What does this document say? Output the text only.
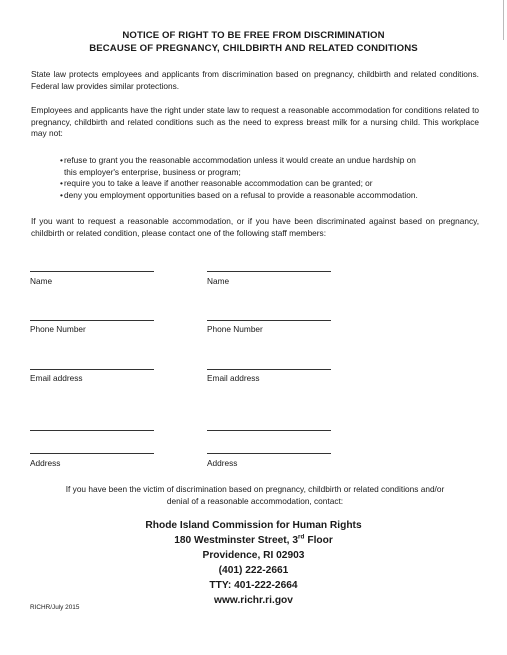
NOTICE OF RIGHT TO BE FREE FROM DISCRIMINATION
BECAUSE OF PREGNANCY, CHILDBIRTH AND RELATED CONDITIONS
State law protects employees and applicants from discrimination based on pregnancy, childbirth and related conditions. Federal law provides similar protections.
Employees and applicants have the right under state law to request a reasonable accommodation for conditions related to pregnancy, childbirth and related conditions such as the need to express breast milk for a nursing child. This workplace may not:
•refuse to grant you the reasonable accommodation unless it would create an undue hardship on
this employer's enterprise, business or program;
•require you to take a leave if another reasonable accommodation can be granted; or
•deny you employment opportunities based on a refusal to provide a reasonable accommodation.
If you want to request a reasonable accommodation, or if you have been discriminated against based on pregnancy, childbirth or related condition, please contact one of the following staff members:
Name
Phone Number
Email address
Address
Name
Phone Number
Email address
Address
If you have been the victim of discrimination based on pregnancy, childbirth or related conditions and/or
denial of a reasonable accommodation, contact:
Rhode Island Commission for Human Rights
180 Westminster Street, 3rd Floor
Providence, RI 02903
(401) 222-2661
TTY: 401-222-2664
www.richr.ri.gov
RICHR/July 2015
